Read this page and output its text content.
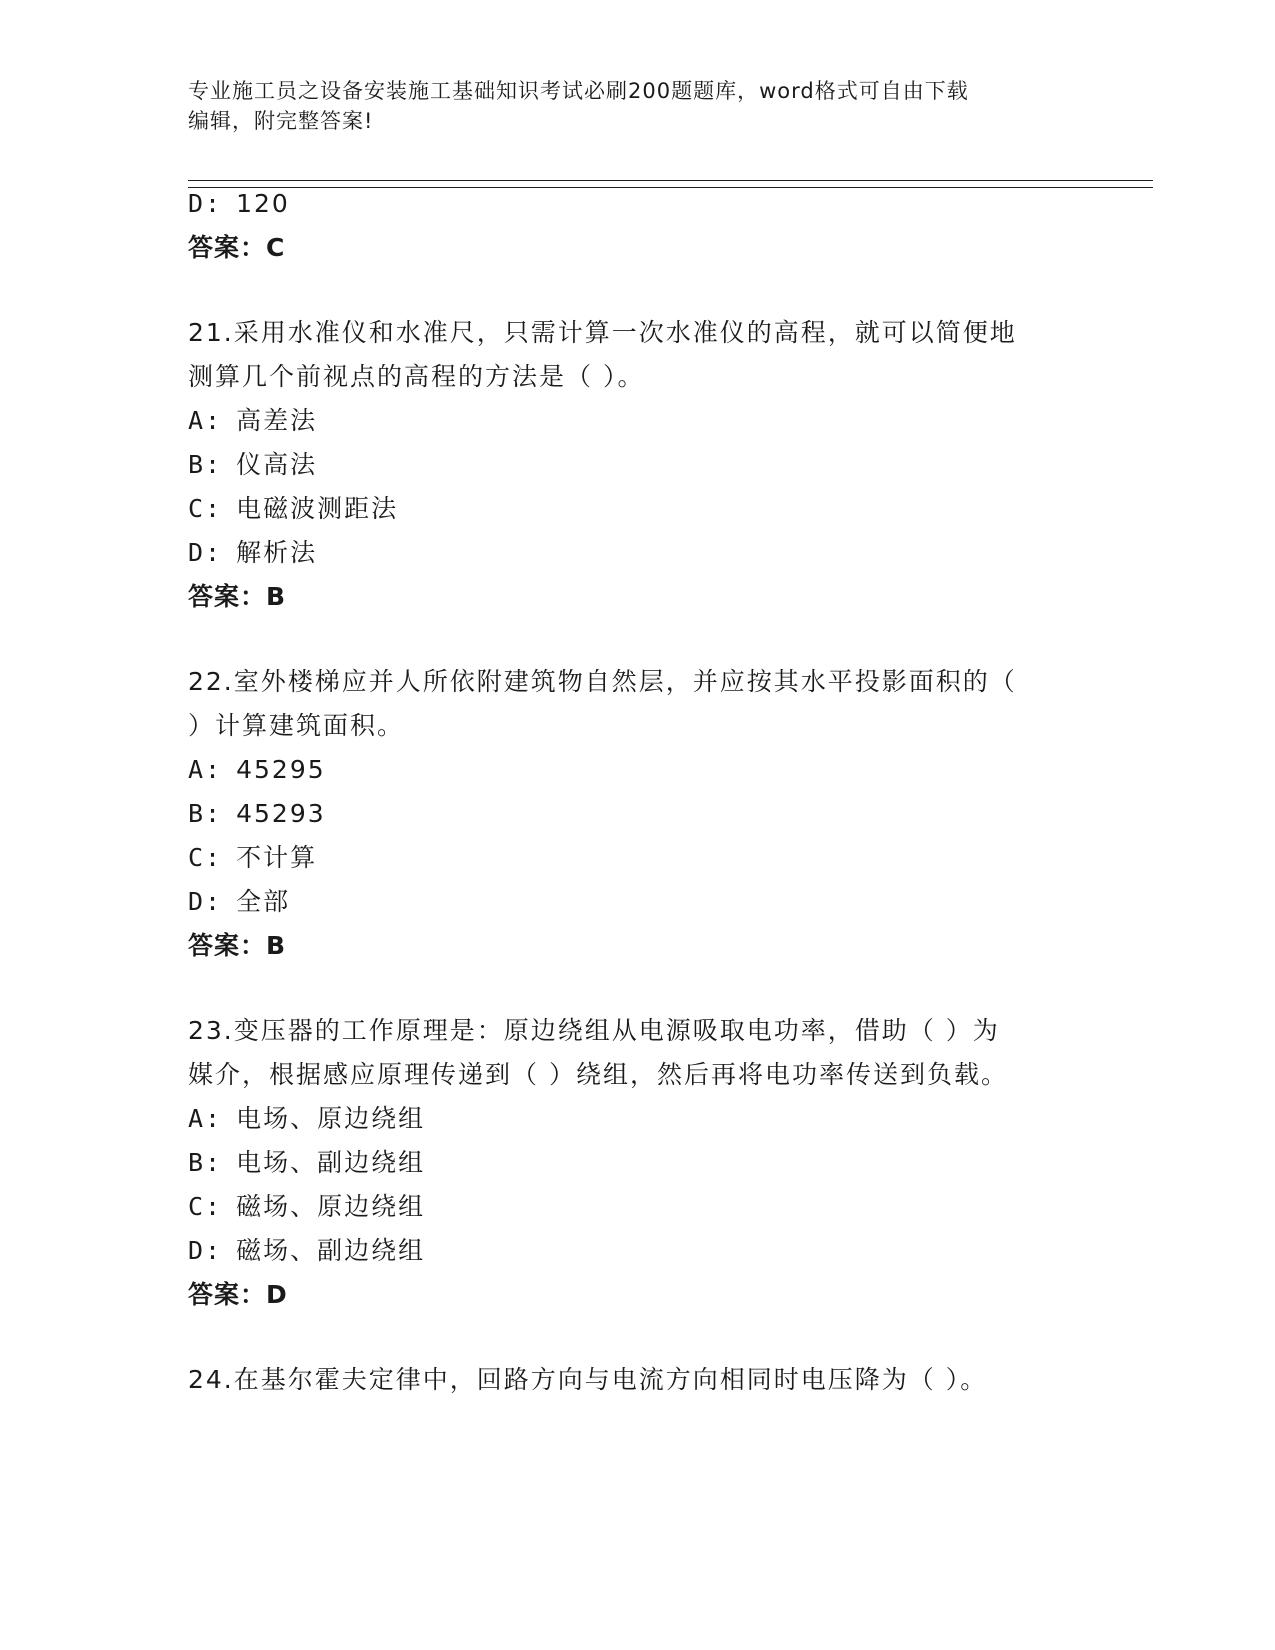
专业施工员之设备安装施工基础知识考试必刷200题题库，word格式可自由下载
编辑，附完整答案!
D: 120
答案：C
21.采用水准仪和水准尺，只需计算一次水准仪的高程，就可以简便地
测算几个前视点的高程的方法是（ ）。
A: 高差法
B: 仪高法
C: 电磁波测距法
D: 解析法
答案：B
22.室外楼梯应并人所依附建筑物自然层，并应按其水平投影面积的（
）计算建筑面积。
A: 45295
B: 45293
C: 不计算
D: 全部
答案：B
23.变压器的工作原理是：原边绕组从电源吸取电功率，借助（ ）为
媒介，根据感应原理传递到（ ）绕组，然后再将电功率传送到负载。
A: 电场、原边绕组
B: 电场、副边绕组
C: 磁场、原边绕组
D: 磁场、副边绕组
答案：D
24.在基尔霍夫定律中，回路方向与电流方向相同时电压降为（ ）。
